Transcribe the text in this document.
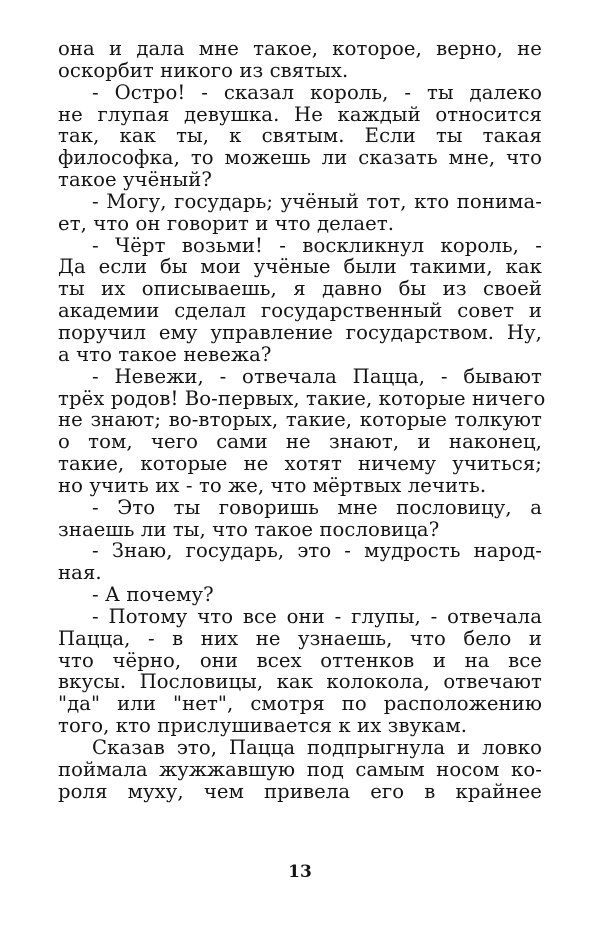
она и дала мне такое, которое, верно, не
оскорбит никого из святых.
- Остро! - сказал король, - ты далеко
не глупая девушка. Не каждый относится
так, как ты, к святым. Если ты такая
философка, то можешь ли сказать мне, что
такое учёный?
- Могу, государь; учёный тот, кто понима-
ет, что он говорит и что делает.
- Чёрт возьми! - воскликнул король, -
Да если бы мои учёные были такими, как
ты их описываешь, я давно бы из своей
академии сделал государственный совет и
поручил ему управление государством. Ну,
а что такое невежа?
- Невежи, - отвечала Пацца, - бывают
трёх родов! Во-первых, такие, которые ничего
не знают; во-вторых, такие, которые толкуют
о том, чего сами не знают, и наконец,
такие, которые не хотят ничему учиться;
но учить их - то же, что мёртвых лечить.
- Это ты говоришь мне пословицу, а
знаешь ли ты, что такое пословица?
- Знаю, государь, это - мудрость народ-
ная.
- А почему?
- Потому что все они - глупы, - отвечала
Пацца, - в них не узнаешь, что бело и
что чёрно, они всех оттенков и на все
вкусы. Пословицы, как колокола, отвечают
"да" или "нет", смотря по расположению
того, кто прислушивается к их звукам.
Сказав это, Пацца подпрыгнула и ловко
поймала жужжавшую под самым носом ко-
роля муху, чем привела его в крайнее
13
